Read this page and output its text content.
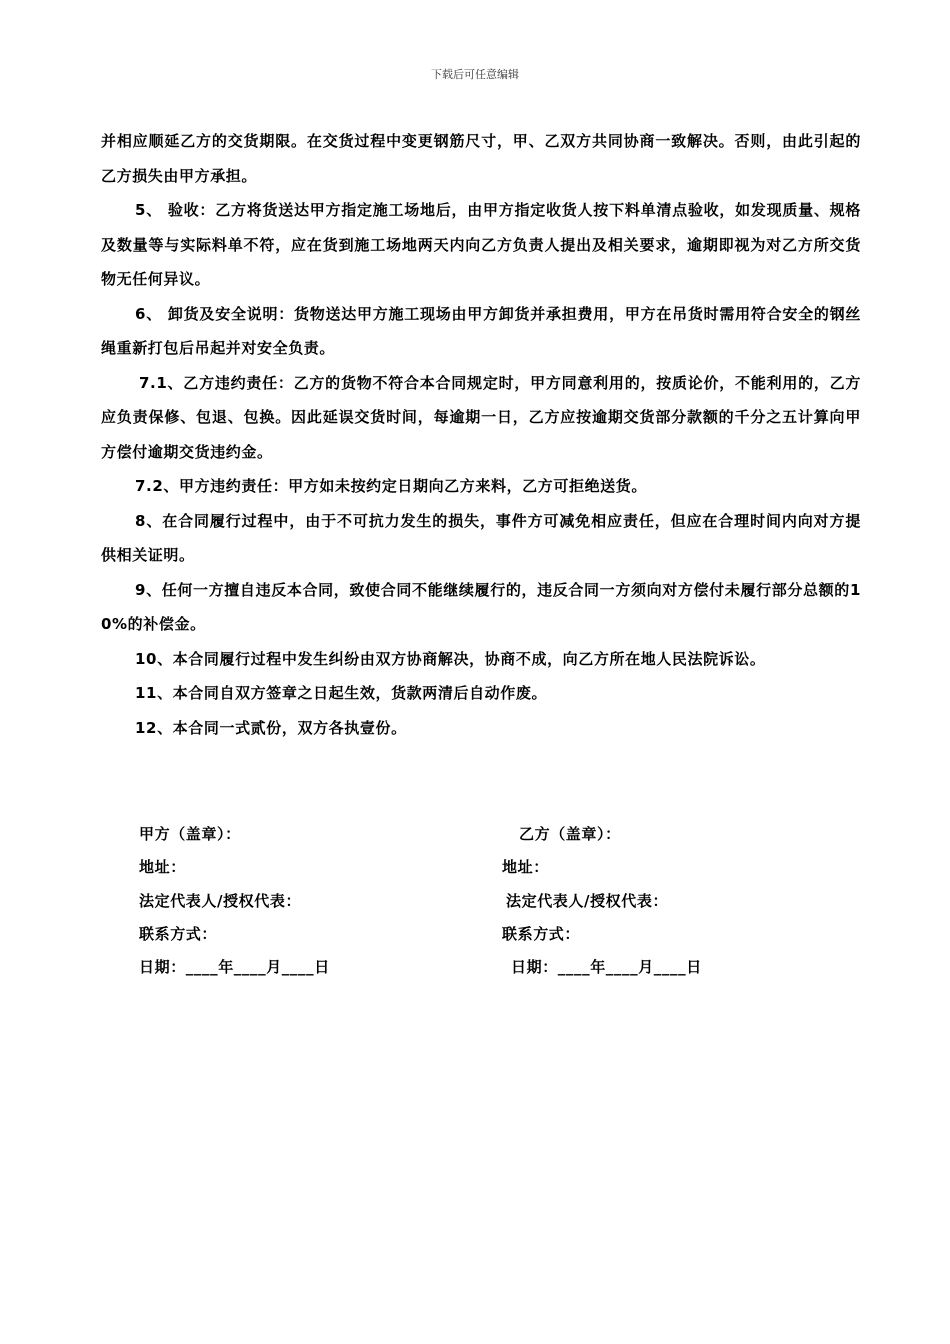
下载后可任意编辑

并相应顺延乙方的交货期限。在交货过程中变更钢筋尺寸，甲、乙双方共同协商一致解决。否则，由此引起的乙方损失由甲方承担。

5、 验收：乙方将货送达甲方指定施工场地后，由甲方指定收货人按下料单清点验收，如发现质量、规格及数量等与实际料单不符，应在货到施工场地两天内向乙方负责人提出及相关要求，逾期即视为对乙方所交货物无任何异议。

6、 卸货及安全说明：货物送达甲方施工现场由甲方卸货并承担费用，甲方在吊货时需用符合安全的钢丝绳重新打包后吊起并对安全负责。

7.1、乙方违约责任：乙方的货物不符合本合同规定时，甲方同意利用的，按质论价，不能利用的，乙方应负责保修、包退、包换。因此延误交货时间，每逾期一日，乙方应按逾期交货部分款额的千分之五计算向甲方偿付逾期交货违约金。

7.2、甲方违约责任：甲方如未按约定日期向乙方来料，乙方可拒绝送货。

8、在合同履行过程中，由于不可抗力发生的损失，事件方可减免相应责任，但应在合理时间内向对方提供相关证明。

9、任何一方擅自违反本合同，致使合同不能继续履行的，违反合同一方须向对方偿付未履行部分总额的10%的补偿金。

10、本合同履行过程中发生纠纷由双方协商解决，协商不成，向乙方所在地人民法院诉讼。

11、本合同自双方签章之日起生效，货款两清后自动作废。

12、本合同一式贰份，双方各执壹份。

甲方（盖章）：
地址：
法定代表人/授权代表：
联系方式：
日期：____年____月____日
乙方（盖章）：
地址：
法定代表人/授权代表：
联系方式：
日期：____年____月____日
